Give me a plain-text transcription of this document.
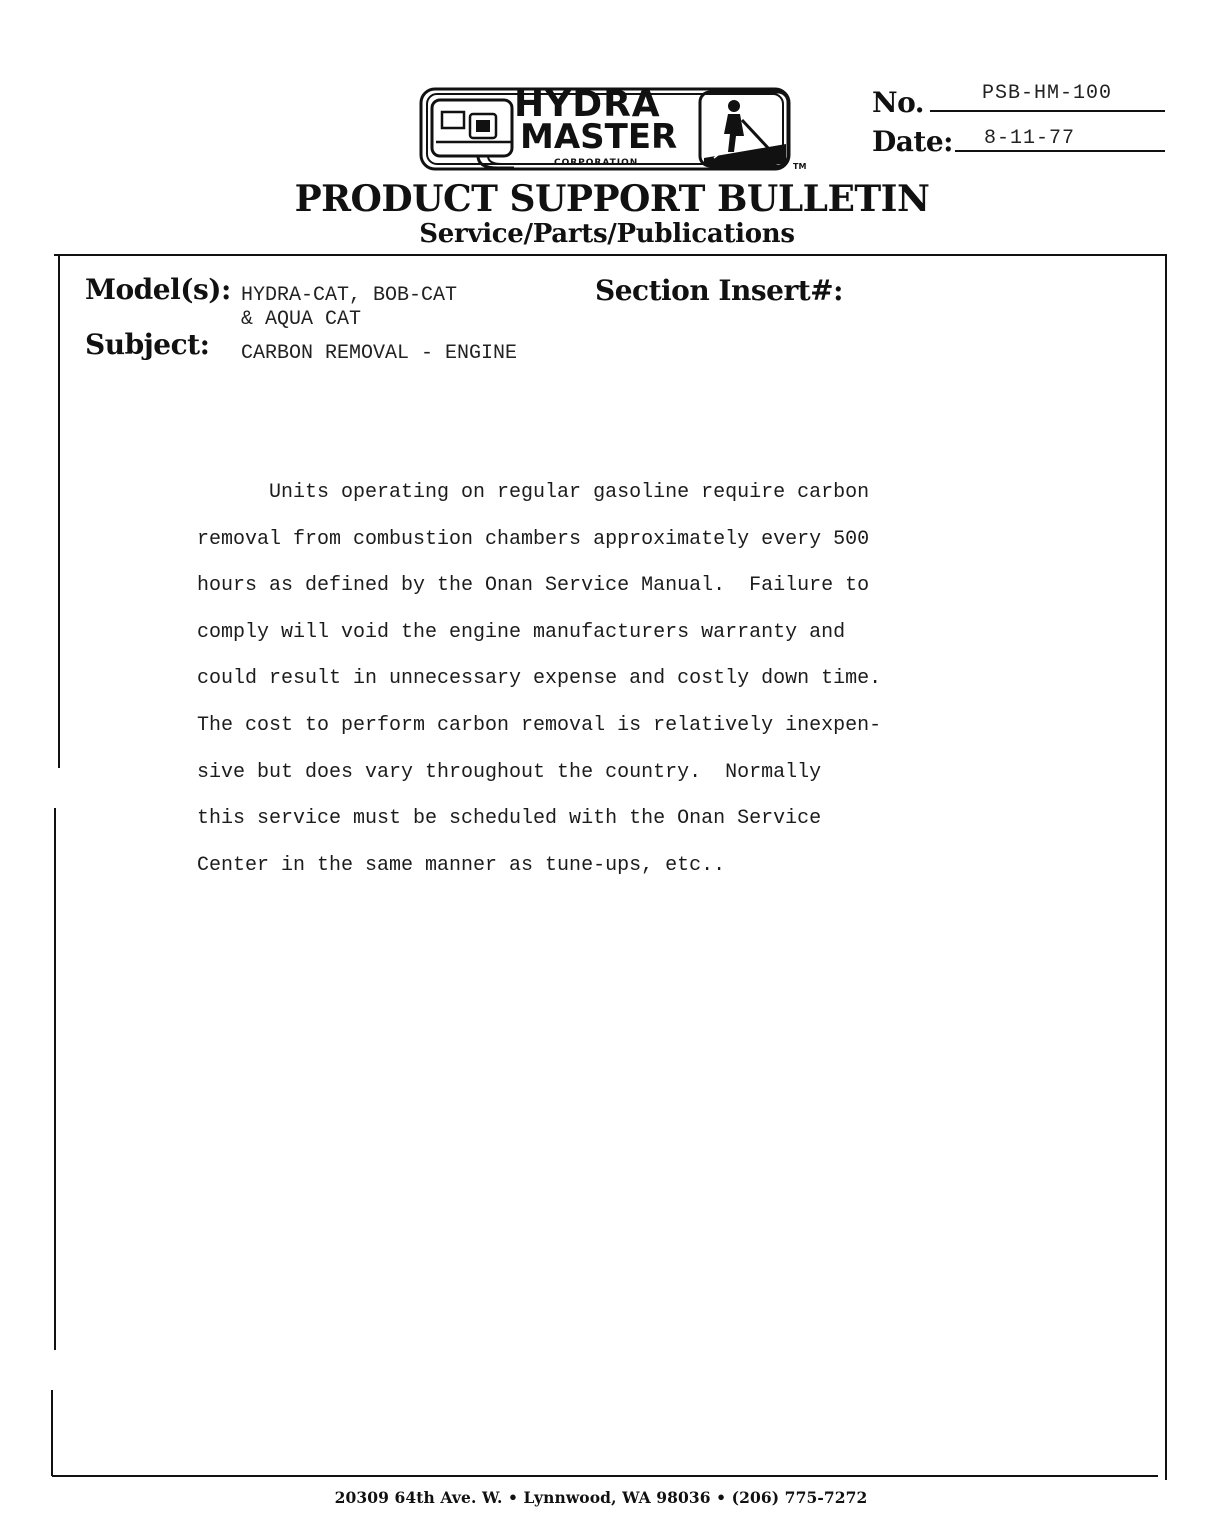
HYDRA
MASTER
CORPORATION	TM
No.	PSB-HM-100
Date: 8-11-77
PRODUCT SUPPORT BULLETIN
Service/Parts/Publications
Model(s): HYDRA-CAT, BOB-CAT
& AQUA CAT
Section Insert#:
Subject: CARBON REMOVAL - ENGINE
Units operating on regular gasoline require carbon
removal from combustion chambers approximately every 500
hours as defined by the Onan Service Manual.  Failure to
comply will void the engine manufacturers warranty and
could result in unnecessary expense and costly down time.
The cost to perform carbon removal is relatively inexpen-
sive but does vary throughout the country.  Normally
this service must be scheduled with the Onan Service
Center in the same manner as tune-ups, etc..
20309 64th Ave. W. • Lynnwood, WA 98036 • (206) 775-7272
